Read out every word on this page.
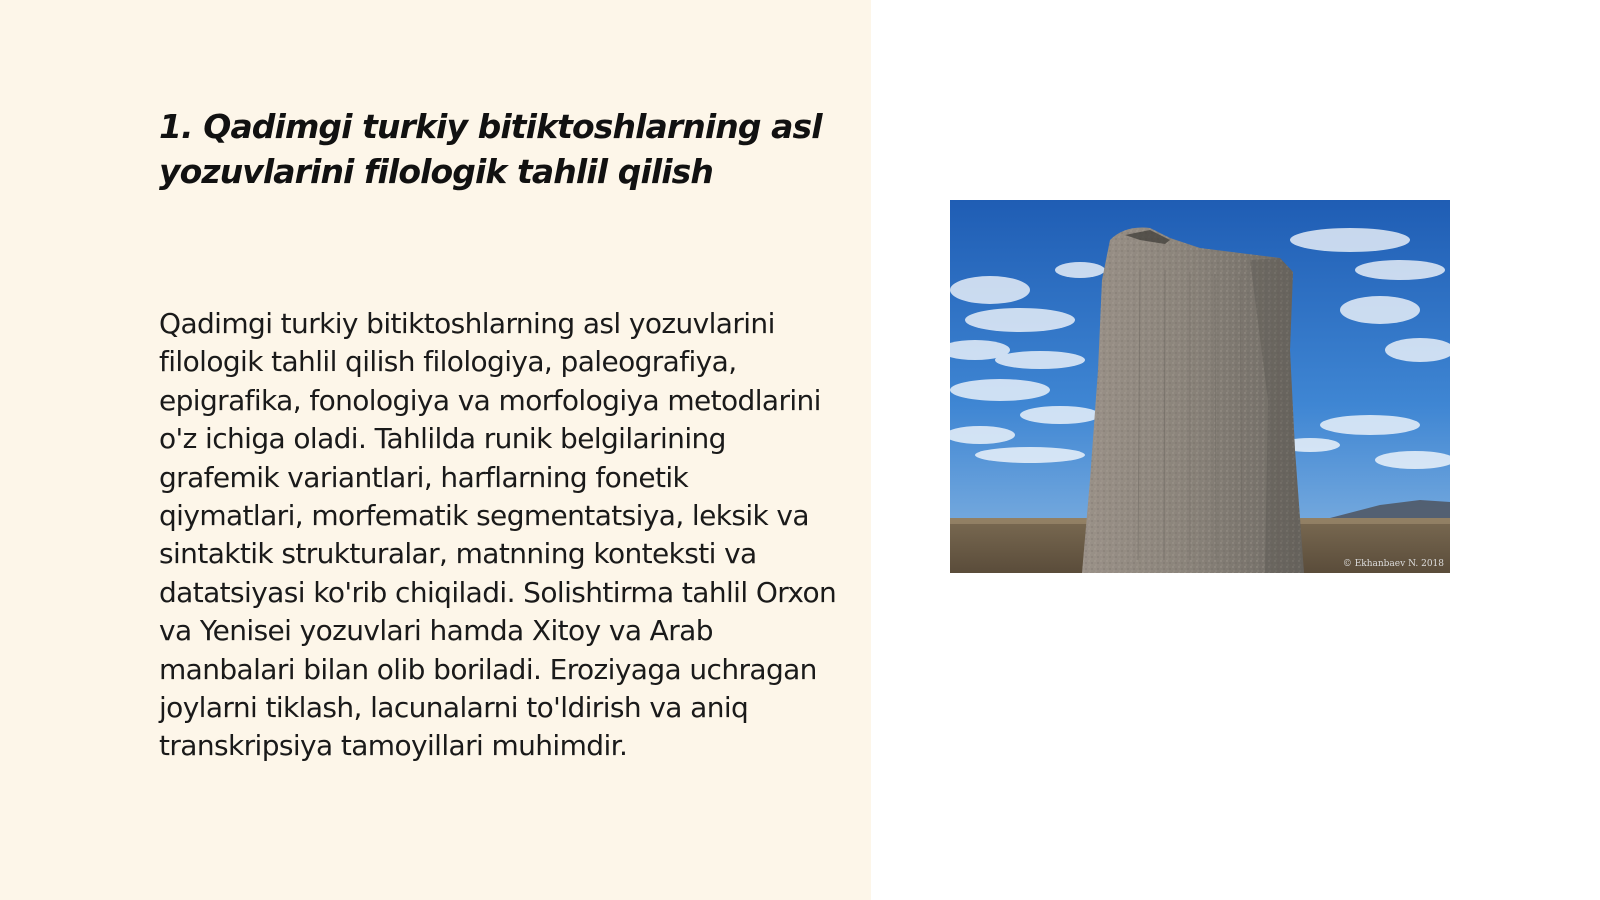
1. Qadimgi turkiy bitiktoshlarning asl yozuvlarini filologik tahlil qilish

Qadimgi turkiy bitiktoshlarning asl yozuvlarini filologik tahlil qilish filologiya, paleografiya, epigrafika, fonologiya va morfologiya metodlarini o'z ichiga oladi. Tahlilda runik belgilarining grafemik variantlari, harflarning fonetik qiymatlari, morfematik segmentatsiya, leksik va sintaktik strukturalar, matnning konteksti va datatsiyasi ko'rib chiqiladi. Solishtirma tahlil Orxon va Yenisei yozuvlari hamda Xitoy va Arab manbalari bilan olib boriladi. Eroziyaga uchragan joylarni tiklash, lacunalarni to'ldirish va aniq transkripsiya tamoyillari muhimdir.

© Ekhanbaev N. 2018
